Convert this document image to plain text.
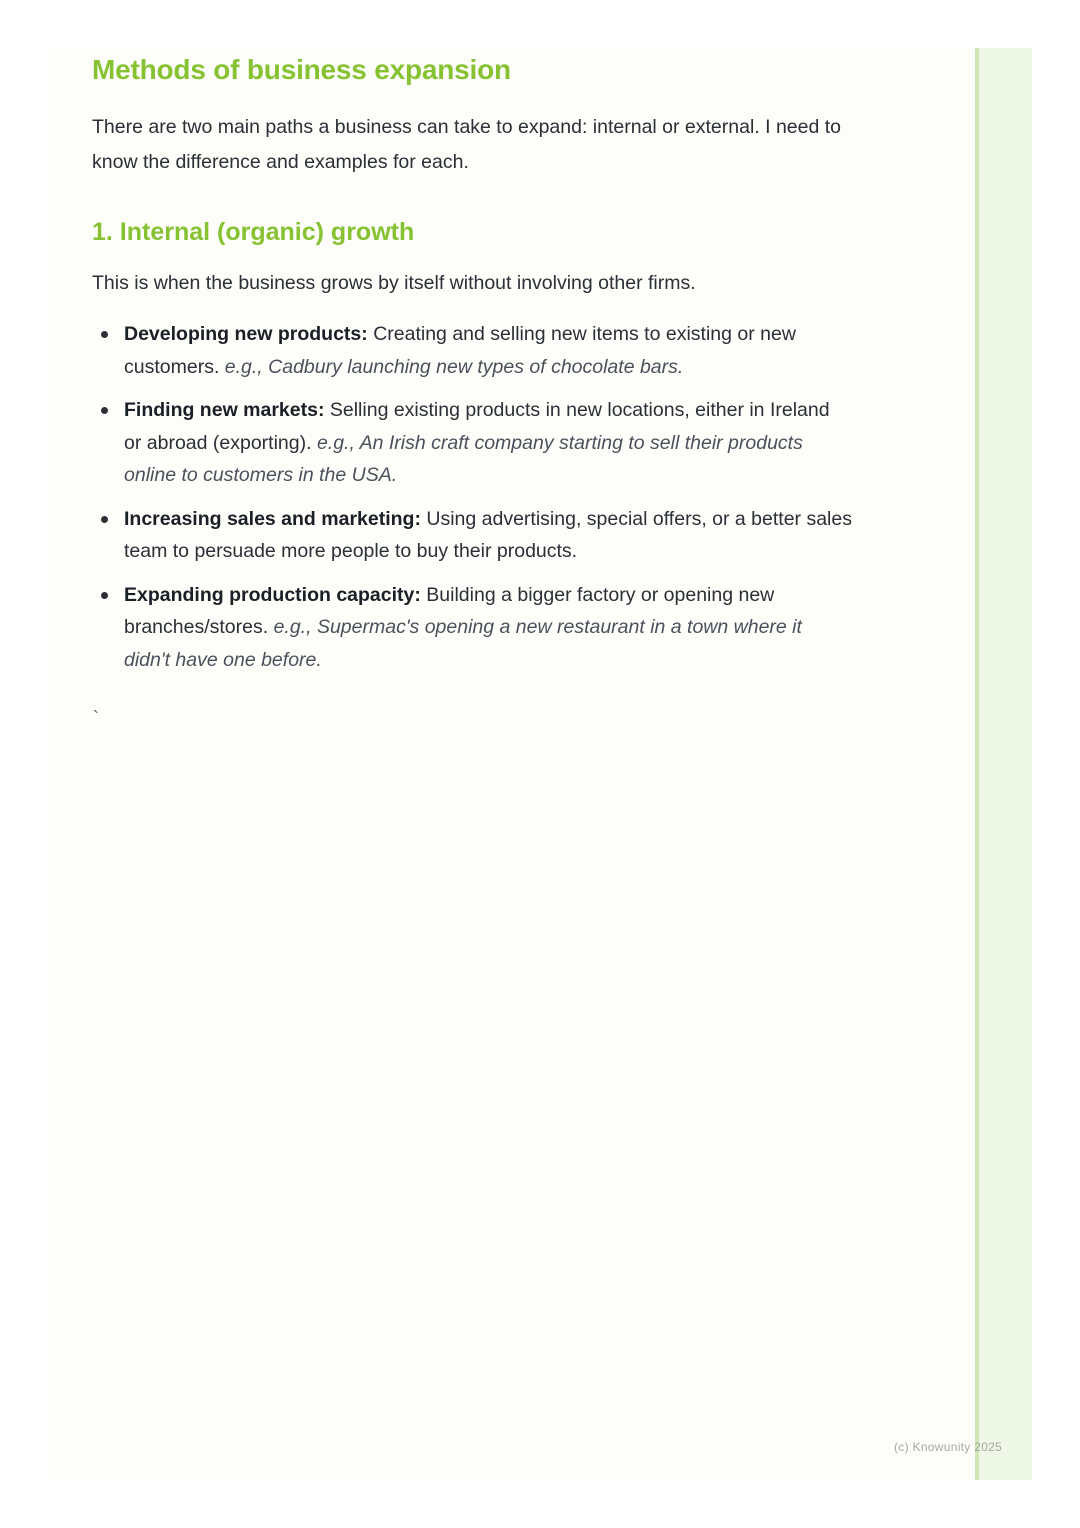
Methods of business expansion

There are two main paths a business can take to expand: internal or external. I need to know the difference and examples for each.

1. Internal (organic) growth

This is when the business grows by itself without involving other firms.

Developing new products: Creating and selling new items to existing or new customers. e.g., Cadbury launching new types of chocolate bars.
Finding new markets: Selling existing products in new locations, either in Ireland or abroad (exporting). e.g., An Irish craft company starting to sell their products online to customers in the USA.
Increasing sales and marketing: Using advertising, special offers, or a better sales team to persuade more people to buy their products.
Expanding production capacity: Building a bigger factory or opening new branches/stores. e.g., Supermac's opening a new restaurant in a town where it didn't have one before.
`
(c) Knowunity 2025
